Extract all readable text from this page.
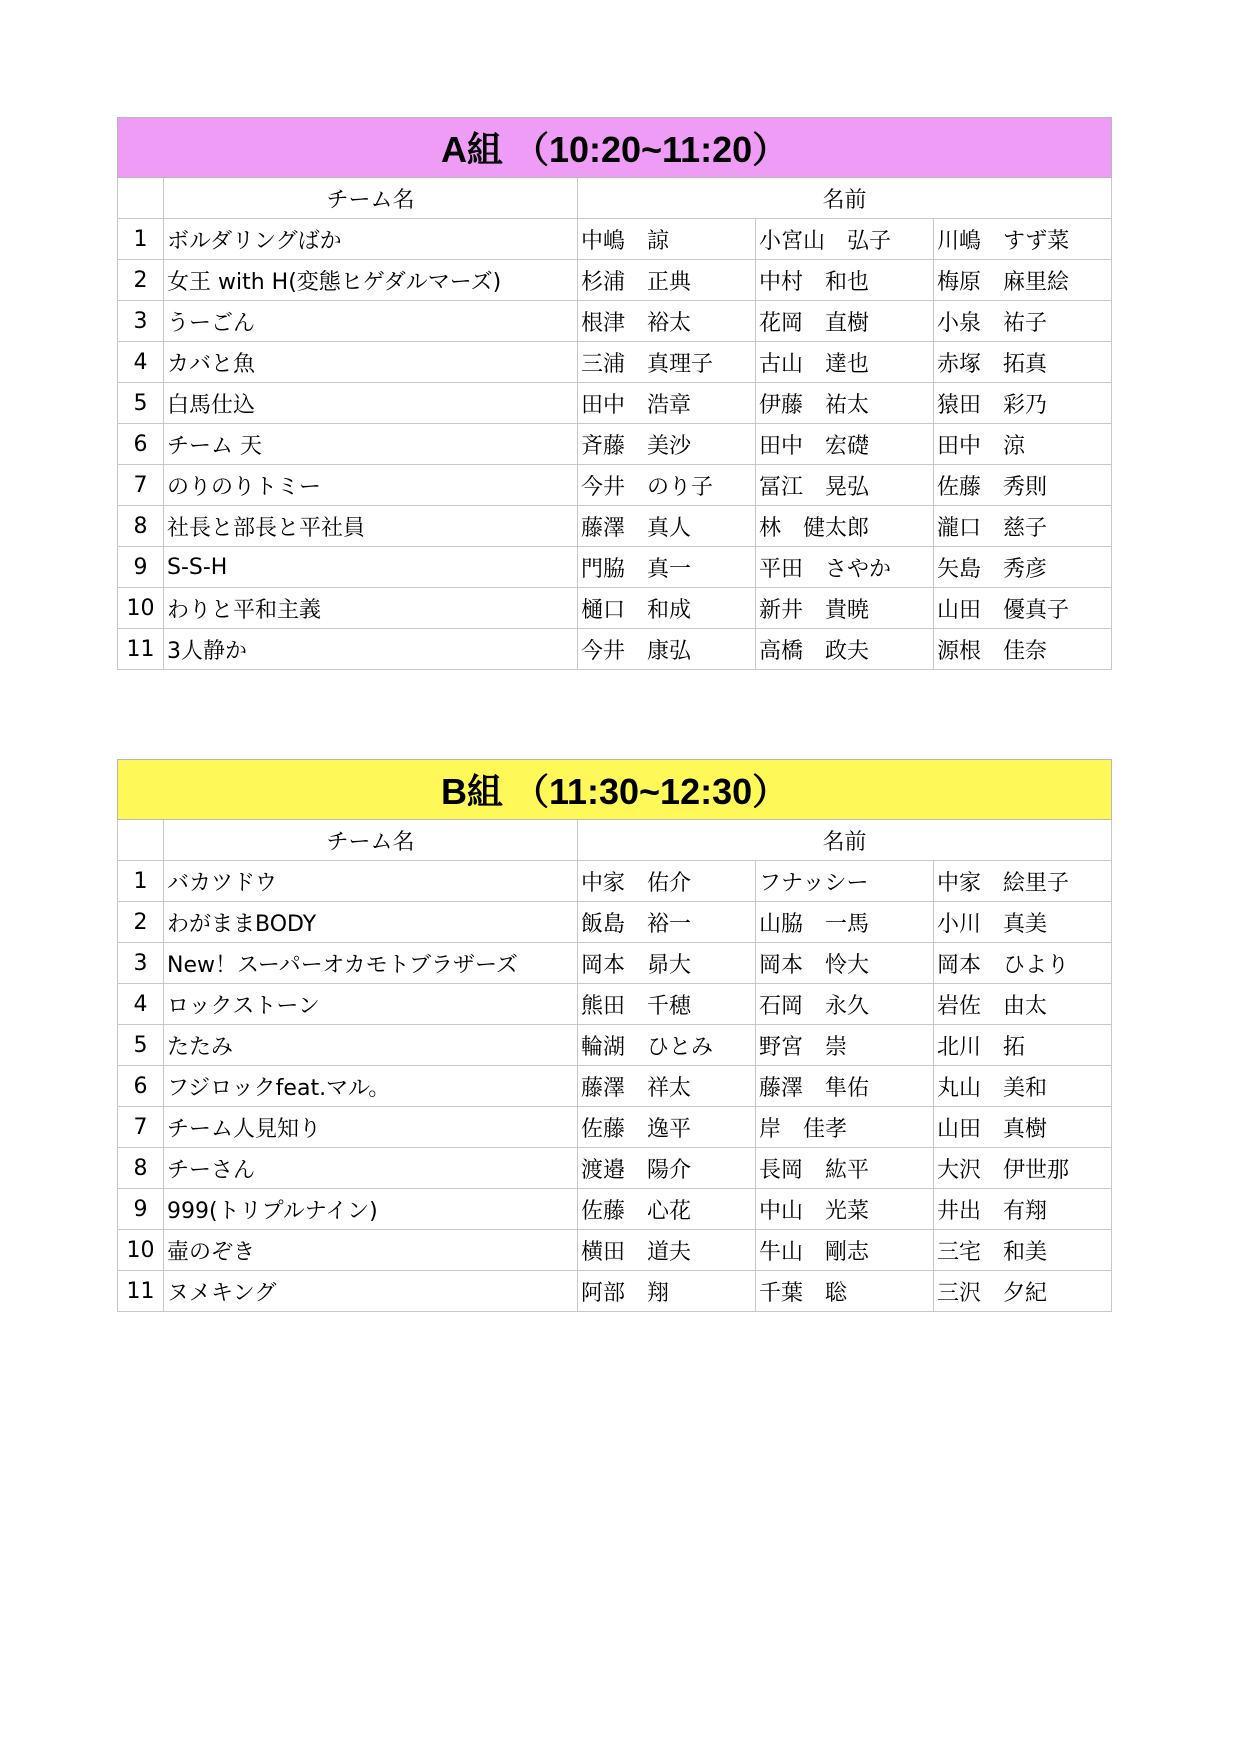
A組 （10:20~11:20）				
	チーム名	名前		
1	ボルダリングばか	中嶋　諒	小宮山　弘子	川嶋　すず菜
2	女王 with H(変態ヒゲダルマーズ)	杉浦　正典	中村　和也	梅原　麻里絵
3	うーごん	根津　裕太	花岡　直樹	小泉　祐子
4	カバと魚	三浦　真理子	古山　達也	赤塚　拓真
5	白馬仕込	田中　浩章	伊藤　祐太	猿田　彩乃
6	チーム 天	斉藤　美沙	田中　宏礎	田中　涼
7	のりのりトミー	今井　のり子	冨江　晃弘	佐藤　秀則
8	社長と部長と平社員	藤澤　真人	林　健太郎	瀧口　慈子
9	S-S-H	門脇　真一	平田　さやか	矢島　秀彦
10	わりと平和主義	樋口　和成	新井　貴暁	山田　優真子
11	3人静か	今井　康弘	高橋　政夫	源根　佳奈
B組 （11:30~12:30）				
	チーム名	名前		
1	バカツドウ	中家　佑介	フナッシー	中家　絵里子
2	わがままBODY	飯島　裕一	山脇　一馬	小川　真美
3	New！スーパーオカモトブラザーズ	岡本　昴大	岡本　怜大	岡本　ひより
4	ロックストーン	熊田　千穂	石岡　永久	岩佐　由太
5	たたみ	輪湖　ひとみ	野宮　崇	北川　拓
6	フジロックfeat.マル。	藤澤　祥太	藤澤　隼佑	丸山　美和
7	チーム人見知り	佐藤　逸平	岸　佳孝	山田　真樹
8	チーさん	渡邉　陽介	長岡　紘平	大沢　伊世那
9	999(トリプルナイン)	佐藤　心花	中山　光菜	井出　有翔
10	壷のぞき	横田　道夫	牛山　剛志	三宅　和美
11	ヌメキング	阿部　翔	千葉　聡	三沢　夕紀
